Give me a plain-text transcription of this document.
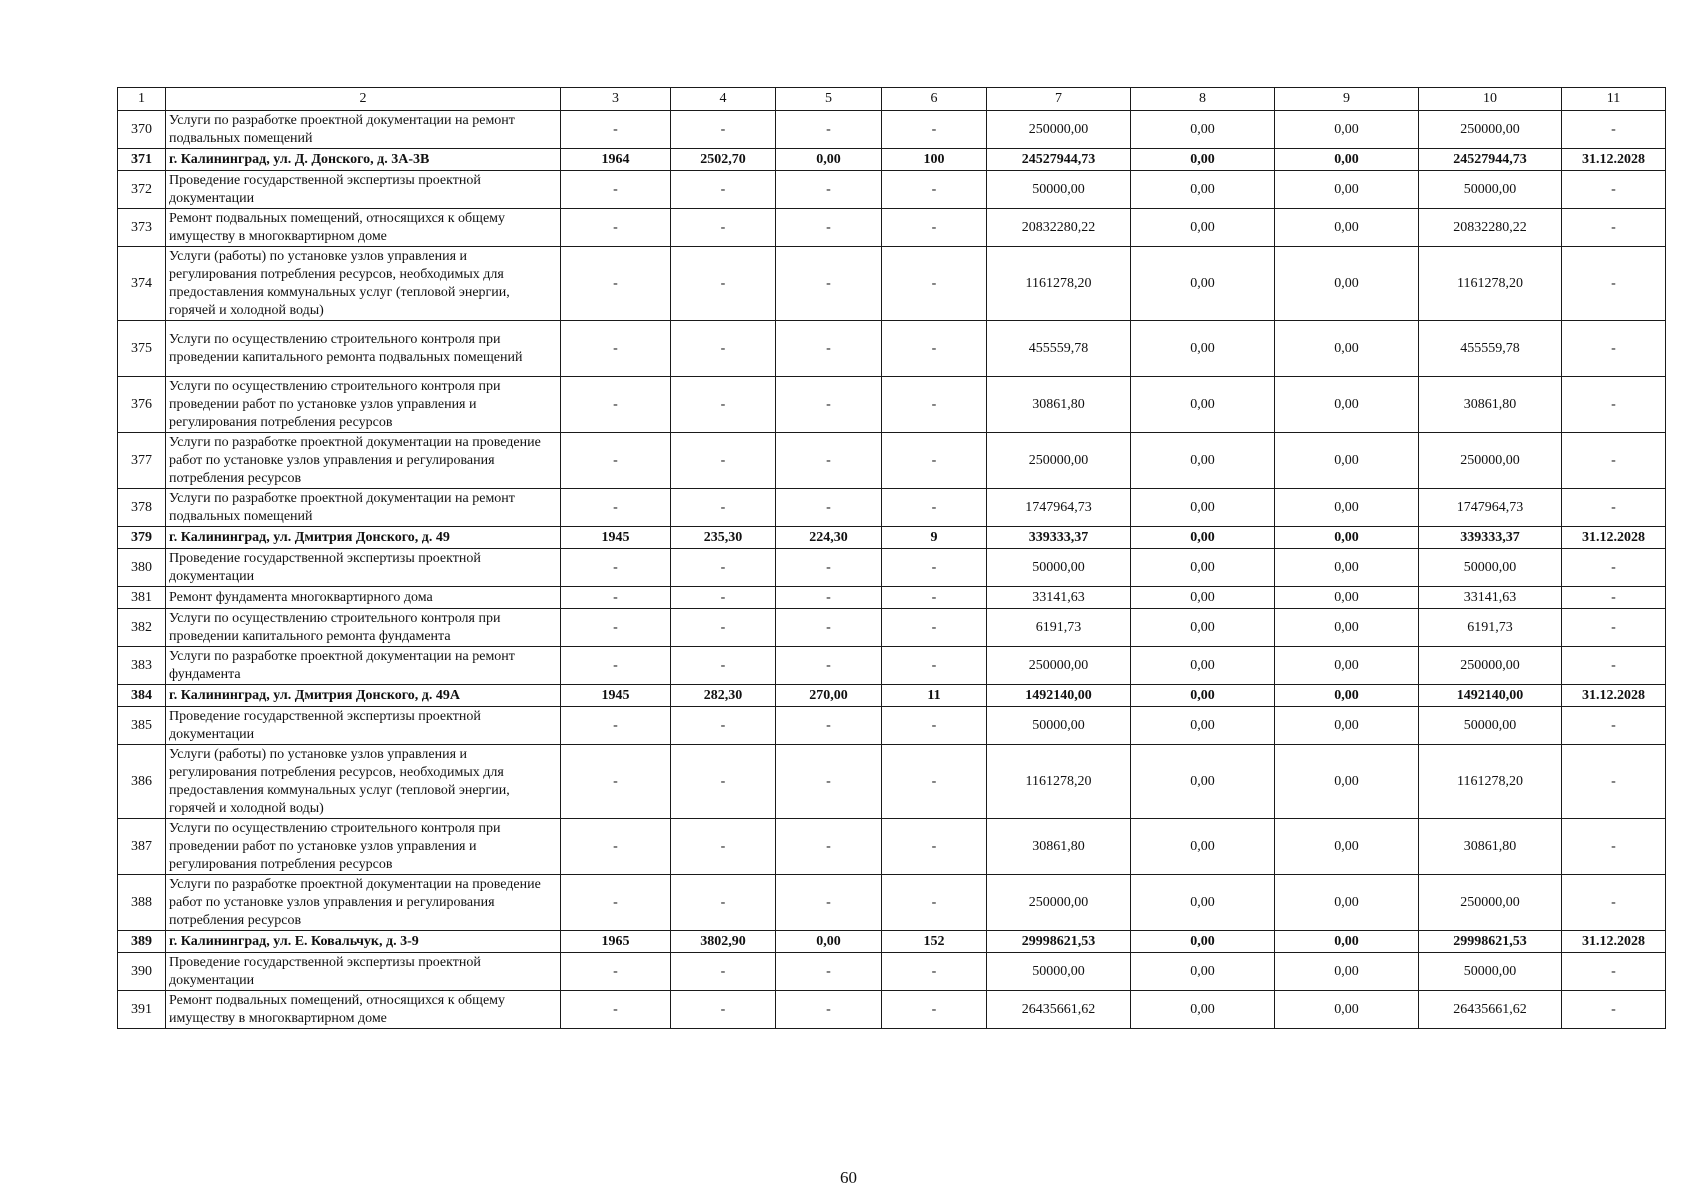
1	2	3	4	5	6	7	8	9	10	11
370	Услуги по разработке проектной документации на ремонт подвальных помещений	-	-	-	-	250000,00	0,00	0,00	250000,00	-
371	г. Калининград, ул. Д. Донского, д. 3А-3В	1964	2502,70	0,00	100	24527944,73	0,00	0,00	24527944,73	31.12.2028
372	Проведение государственной экспертизы проектной документации	-	-	-	-	50000,00	0,00	0,00	50000,00	-
373	Ремонт подвальных помещений, относящихся к общему имуществу в многоквартирном доме	-	-	-	-	20832280,22	0,00	0,00	20832280,22	-
374	Услуги (работы) по установке узлов управления и регулирования потребления ресурсов, необходимых для предоставления коммунальных услуг (тепловой энергии, горячей и холодной воды)	-	-	-	-	1161278,20	0,00	0,00	1161278,20	-
375	Услуги по осуществлению строительного контроля при проведении капитального ремонта подвальных помещений	-	-	-	-	455559,78	0,00	0,00	455559,78	-
376	Услуги по осуществлению строительного контроля при проведении работ по установке узлов управления и регулирования потребления ресурсов	-	-	-	-	30861,80	0,00	0,00	30861,80	-
377	Услуги по разработке проектной документации на проведение работ по установке узлов управления и регулирования потребления ресурсов	-	-	-	-	250000,00	0,00	0,00	250000,00	-
378	Услуги по разработке проектной документации на ремонт подвальных помещений	-	-	-	-	1747964,73	0,00	0,00	1747964,73	-
379	г. Калининград, ул. Дмитрия Донского, д. 49	1945	235,30	224,30	9	339333,37	0,00	0,00	339333,37	31.12.2028
380	Проведение государственной экспертизы проектной документации	-	-	-	-	50000,00	0,00	0,00	50000,00	-
381	Ремонт фундамента многоквартирного дома	-	-	-	-	33141,63	0,00	0,00	33141,63	-
382	Услуги по осуществлению строительного контроля при проведении капитального ремонта фундамента	-	-	-	-	6191,73	0,00	0,00	6191,73	-
383	Услуги по разработке проектной документации на ремонт фундамента	-	-	-	-	250000,00	0,00	0,00	250000,00	-
384	г. Калининград, ул. Дмитрия Донского, д. 49А	1945	282,30	270,00	11	1492140,00	0,00	0,00	1492140,00	31.12.2028
385	Проведение государственной экспертизы проектной документации	-	-	-	-	50000,00	0,00	0,00	50000,00	-
386	Услуги (работы) по установке узлов управления и регулирования потребления ресурсов, необходимых для предоставления коммунальных услуг (тепловой энергии, горячей и холодной воды)	-	-	-	-	1161278,20	0,00	0,00	1161278,20	-
387	Услуги по осуществлению строительного контроля при проведении работ по установке узлов управления и регулирования потребления ресурсов	-	-	-	-	30861,80	0,00	0,00	30861,80	-
388	Услуги по разработке проектной документации на проведение работ по установке узлов управления и регулирования потребления ресурсов	-	-	-	-	250000,00	0,00	0,00	250000,00	-
389	г. Калининград, ул. Е. Ковальчук, д. 3-9	1965	3802,90	0,00	152	29998621,53	0,00	0,00	29998621,53	31.12.2028
390	Проведение государственной экспертизы проектной документации	-	-	-	-	50000,00	0,00	0,00	50000,00	-
391	Ремонт подвальных помещений, относящихся к общему имуществу в многоквартирном доме	-	-	-	-	26435661,62	0,00	0,00	26435661,62	-
60
